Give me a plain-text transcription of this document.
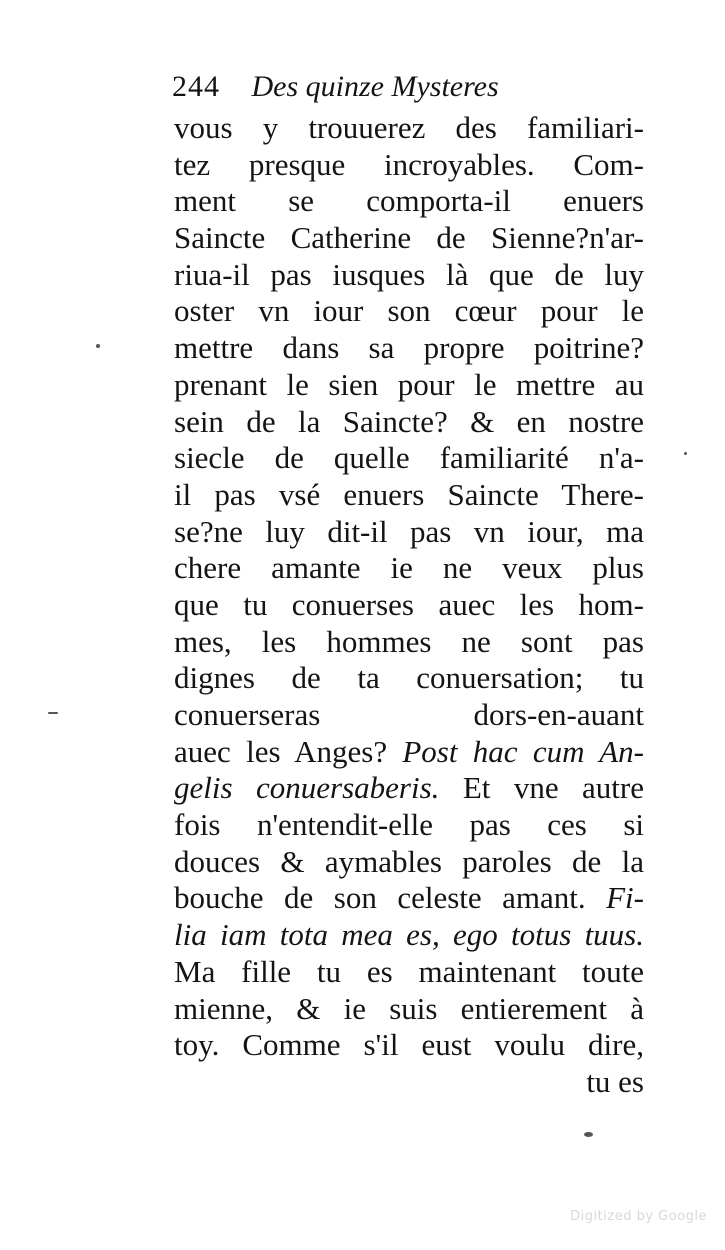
244 Des quinze Mysteres
vous y trouuerez des familiari-
tez presque incroyables. Com-
ment se comporta-il enuers
Saincte Catherine de Sienne?n'ar-
riua-il pas iusques là que de luy
oster vn iour son cœur pour le
mettre dans sa propre poitrine?
prenant le sien pour le mettre au
sein de la Saincte? & en nostre
siecle de quelle familiarité n'a-
il pas vsé enuers Saincte There-
se?ne luy dit-il pas vn iour, ma
chere amante ie ne veux plus
que tu conuerses auec les hom-
mes, les hommes ne sont pas
dignes de ta conuersation; tu
conuerseras dors-en-auant
auec les Anges? Post hac cum An-
gelis conuersaberis. Et vne autre
fois n'entendit-elle pas ces si
douces & aymables paroles de la
bouche de son celeste amant. Fi-
lia iam tota mea es, ego totus tuus.
Ma fille tu es maintenant toute
mienne, & ie suis entierement à
toy. Comme s'il eust voulu dire,
tu es
Digitized by Google
